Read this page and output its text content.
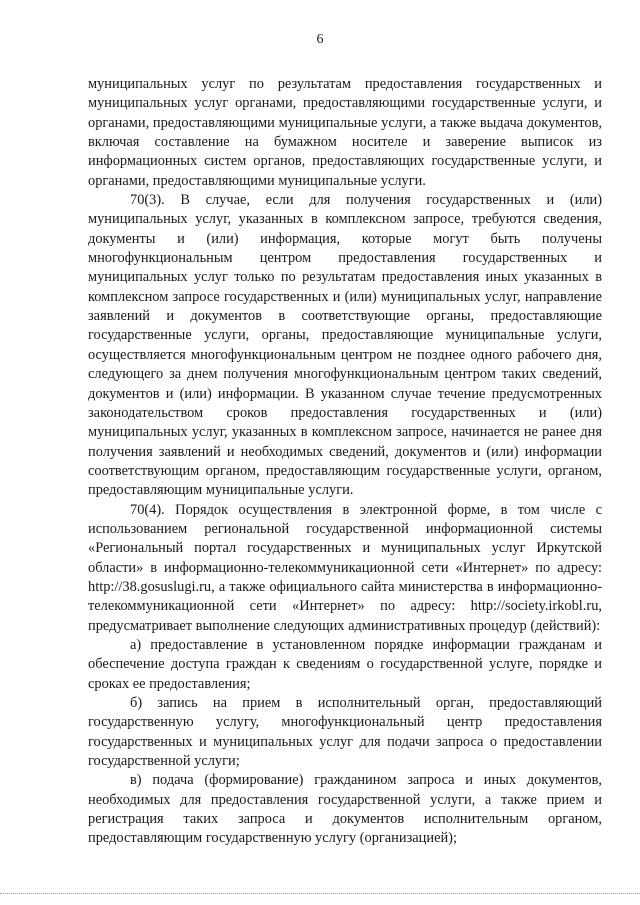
6

муниципальных услуг по результатам предоставления государственных и муниципальных услуг органами, предоставляющими государственные услуги, и органами, предоставляющими муниципальные услуги, а также выдача документов, включая составление на бумажном носителе и заверение выписок из информационных систем органов, предоставляющих государственные услуги, и органами, предоставляющими муниципальные услуги.

70(3). В случае, если для получения государственных и (или) муниципальных услуг, указанных в комплексном запросе, требуются сведения, документы и (или) информация, которые могут быть получены многофункциональным центром предоставления государственных и муниципальных услуг только по результатам предоставления иных указанных в комплексном запросе государственных и (или) муниципальных услуг, направление заявлений и документов в соответствующие органы, предоставляющие государственные услуги, органы, предоставляющие муниципальные услуги, осуществляется многофункциональным центром не позднее одного рабочего дня, следующего за днем получения многофункциональным центром таких сведений, документов и (или) информации. В указанном случае течение предусмотренных законодательством сроков предоставления государственных и (или) муниципальных услуг, указанных в комплексном запросе, начинается не ранее дня получения заявлений и необходимых сведений, документов и (или) информации соответствующим органом, предоставляющим государственные услуги, органом, предоставляющим муниципальные услуги.

70(4). Порядок осуществления в электронной форме, в том числе с использованием региональной государственной информационной системы «Региональный портал государственных и муниципальных услуг Иркутской области» в информационно-телекоммуникационной сети «Интернет» по адресу: http://38.gosuslugi.ru, а также официального сайта министерства в информационно-телекоммуникационной сети «Интернет» по адресу: http://society.irkobl.ru, предусматривает выполнение следующих административных процедур (действий):

а) предоставление в установленном порядке информации гражданам и обеспечение доступа граждан к сведениям о государственной услуге, порядке и сроках ее предоставления;

б) запись на прием в исполнительный орган, предоставляющий государственную услугу, многофункциональный центр предоставления государственных и муниципальных услуг для подачи запроса о предоставлении государственной услуги;

в) подача (формирование) гражданином запроса и иных документов, необходимых для предоставления государственной услуги, а также прием и регистрация таких запроса и документов исполнительным органом, предоставляющим государственную услугу (организацией);
